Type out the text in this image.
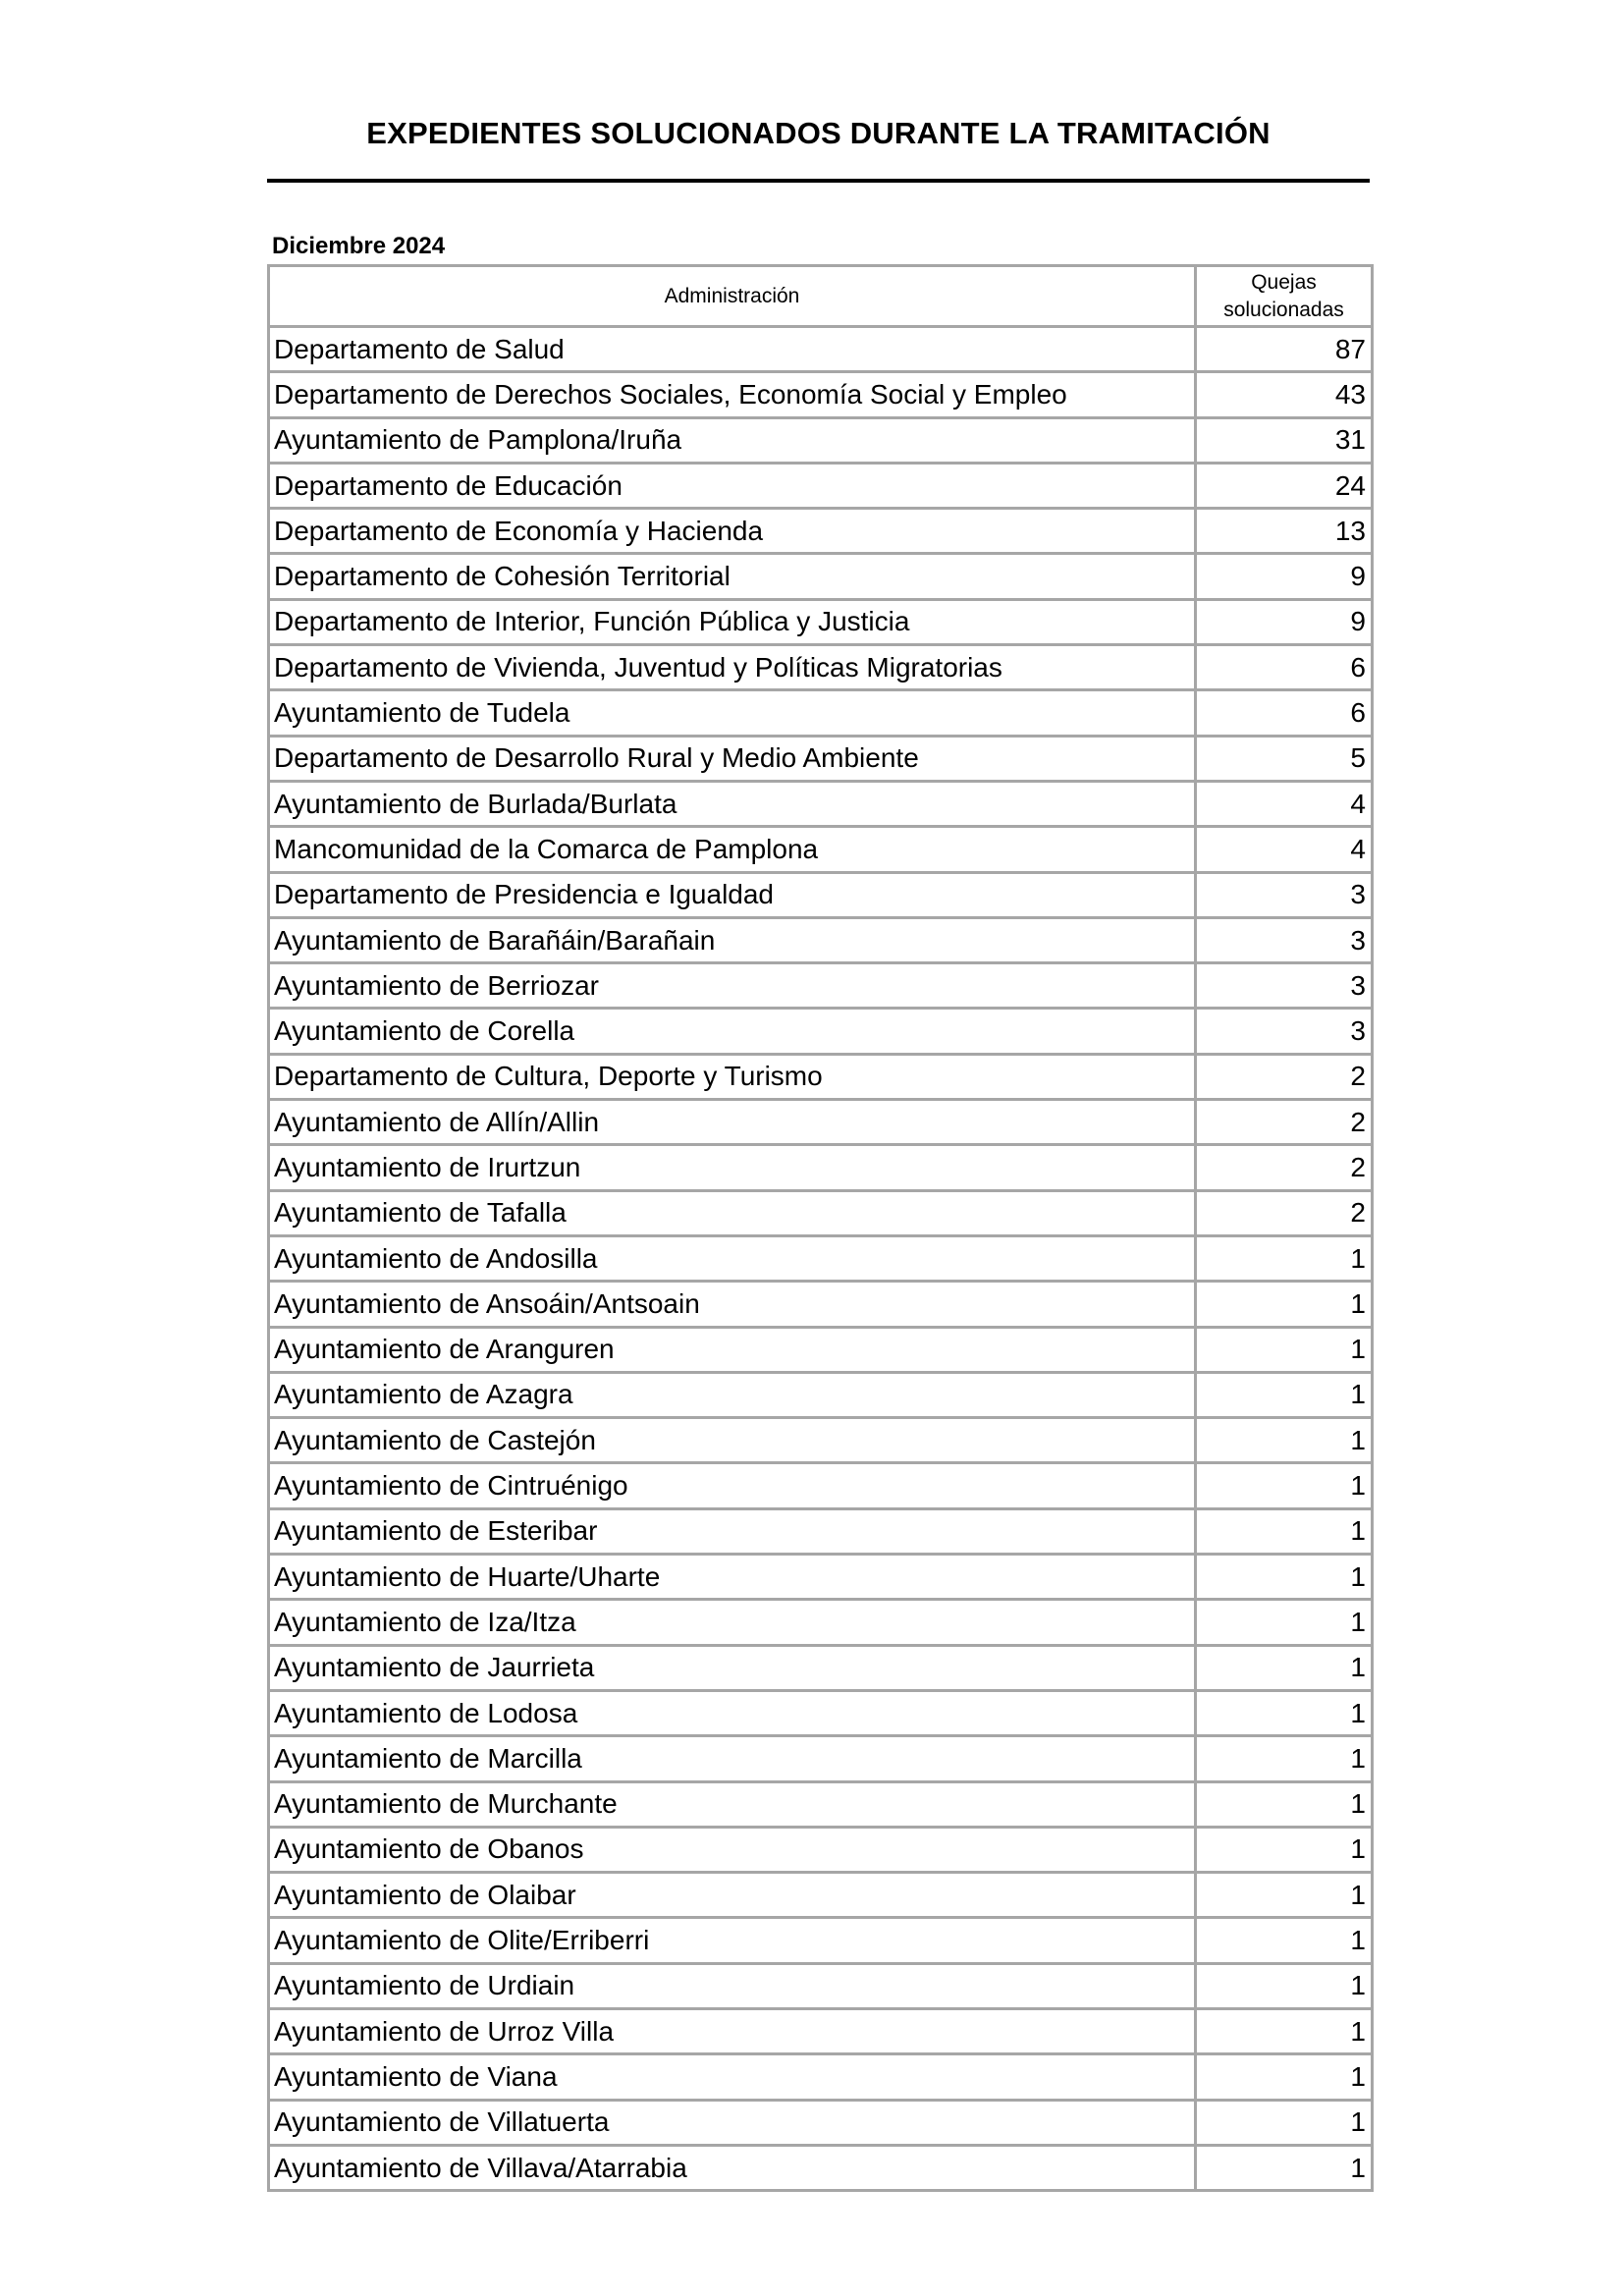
EXPEDIENTES SOLUCIONADOS DURANTE LA TRAMITACIÓN
Diciembre 2024
Administración	Quejas
solucionadas

Departamento de Salud	87
Departamento de Derechos Sociales, Economía Social y Empleo	43
Ayuntamiento de Pamplona/Iruña	31
Departamento de Educación	24
Departamento de Economía y Hacienda	13
Departamento de Cohesión Territorial	9
Departamento de Interior, Función Pública y Justicia	9
Departamento de Vivienda, Juventud y Políticas Migratorias	6
Ayuntamiento de Tudela	6
Departamento de Desarrollo Rural y Medio Ambiente	5
Ayuntamiento de Burlada/Burlata	4
Mancomunidad de la Comarca de Pamplona	4
Departamento de Presidencia e Igualdad	3
Ayuntamiento de Barañáin/Barañain	3
Ayuntamiento de Berriozar	3
Ayuntamiento de Corella	3
Departamento de Cultura, Deporte y Turismo	2
Ayuntamiento de Allín/Allin	2
Ayuntamiento de Irurtzun	2
Ayuntamiento de Tafalla	2
Ayuntamiento de Andosilla	1
Ayuntamiento de Ansoáin/Antsoain	1
Ayuntamiento de Aranguren	1
Ayuntamiento de Azagra	1
Ayuntamiento de Castejón	1
Ayuntamiento de Cintruénigo	1
Ayuntamiento de Esteribar	1
Ayuntamiento de Huarte/Uharte	1
Ayuntamiento de Iza/Itza	1
Ayuntamiento de Jaurrieta	1
Ayuntamiento de Lodosa	1
Ayuntamiento de Marcilla	1
Ayuntamiento de Murchante	1
Ayuntamiento de Obanos	1
Ayuntamiento de Olaibar	1
Ayuntamiento de Olite/Erriberri	1
Ayuntamiento de Urdiain	1
Ayuntamiento de Urroz Villa	1
Ayuntamiento de Viana	1
Ayuntamiento de Villatuerta	1
Ayuntamiento de Villava/Atarrabia	1
